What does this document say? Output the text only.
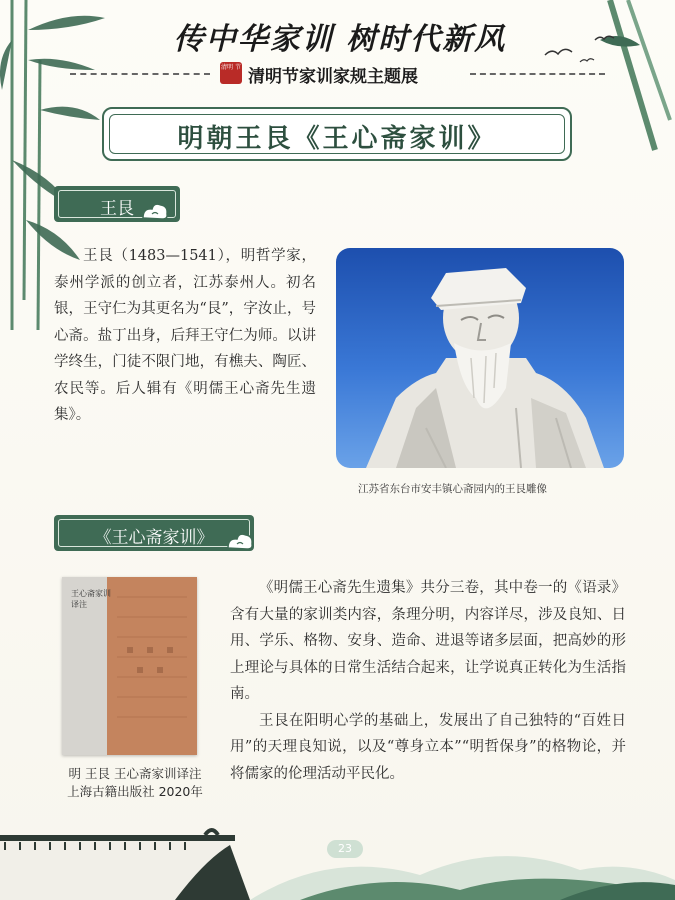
传中华家训 树时代新风
清明 节 清明节家训家规主题展
明朝王艮《王心斋家训》
王艮

王艮（1483—1541），明哲学家，泰州学派的创立者，江苏泰州人。初名银，王守仁为其更名为“艮”，字汝止，号心斋。盐丁出身，后拜王守仁为师。以讲学终生，门徒不限门地，有樵夫、陶匠、农民等。后人辑有《明儒王心斋先生遗集》。

江苏省东台市安丰镇心斋园内的王艮雕像
《王心斋家训》
王心斋家训译注
明 王艮 王心斋家训译注
上海古籍出版社 2020年

《明儒王心斋先生遗集》共分三卷，其中卷一的《语录》含有大量的家训类内容，条理分明，内容详尽，涉及良知、日用、学乐、格物、安身、造命、进退等诸多层面，把高妙的形上理论与具体的日常生活结合起来，让学说真正转化为生活指南。

王艮在阳明心学的基础上，发展出了自己独特的“百姓日用”的天理良知说，以及“尊身立本”“明哲保身”的格物论，并将儒家的伦理活动平民化。

23
